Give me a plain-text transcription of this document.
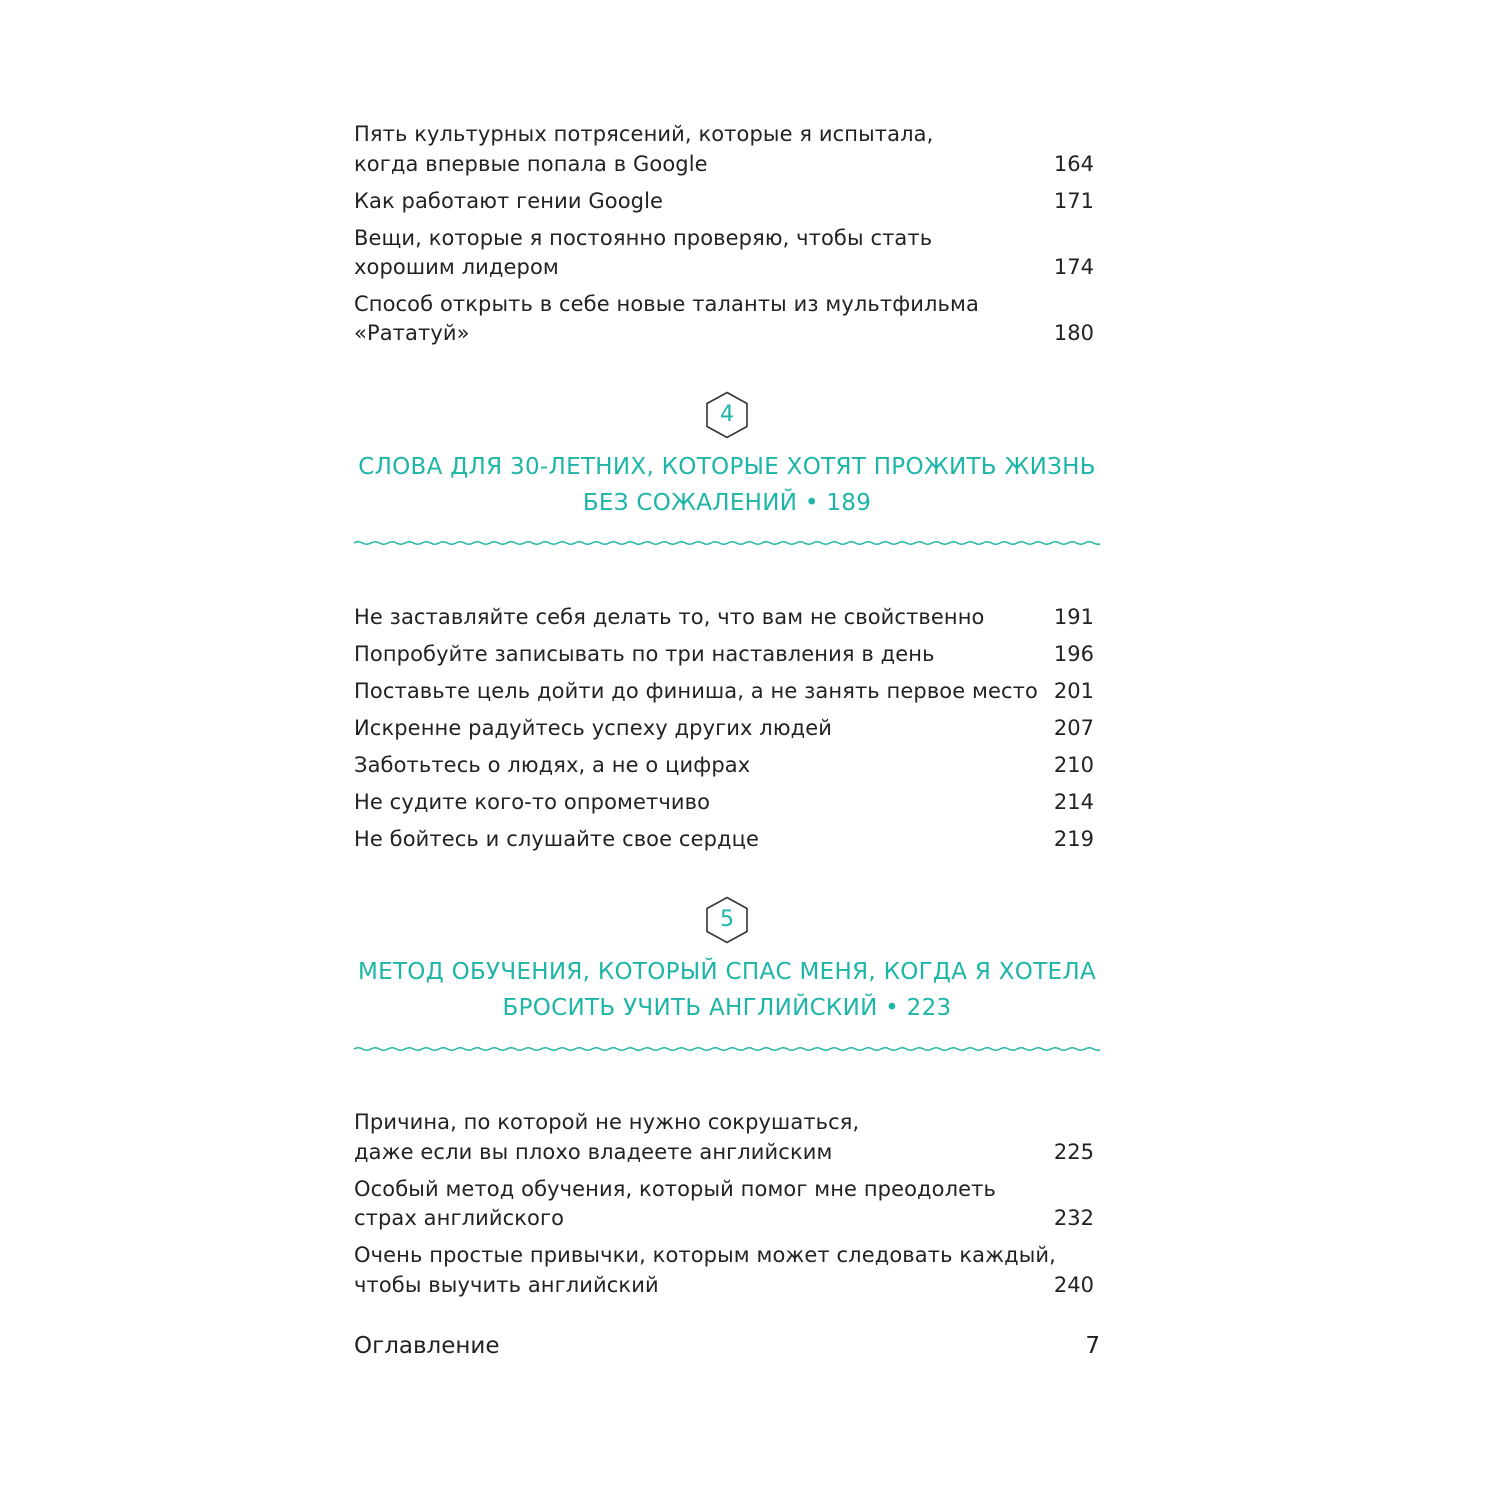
Пять культурных потрясений, которые я испытала,
когда впервые попала в Google	164
Как работают гении Google	171
Вещи, которые я постоянно проверяю, чтобы стать
хорошим лидером	174
Способ открыть в себе новые таланты из мультфильма
«Рататуй»	180
4
СЛОВА ДЛЯ 30-ЛЕТНИХ, КОТОРЫЕ ХОТЯТ ПРОЖИТЬ ЖИЗНЬ
БЕЗ СОЖАЛЕНИЙ • 189
Не заставляйте себя делать то, что вам не свойственно	191
Попробуйте записывать по три наставления в день	196
Поставьте цель дойти до финиша, а не занять первое место 201
Искренне радуйтесь успеху других людей	207
Заботьтесь о людях, а не о цифрах	210
Не судите кого-то опрометчиво	214
Не бойтесь и слушайте свое сердце	219
5
МЕТОД ОБУЧЕНИЯ, КОТОРЫЙ СПАС МЕНЯ, КОГДА Я ХОТЕЛА
БРОСИТЬ УЧИТЬ АНГЛИЙСКИЙ • 223
Причина, по которой не нужно сокрушаться,
даже если вы плохо владеете английским	225
Особый метод обучения, который помог мне преодолеть
страх английского	232
Очень простые привычки, которым может следовать каждый,
чтобы выучить английский	240
Оглавление	7
